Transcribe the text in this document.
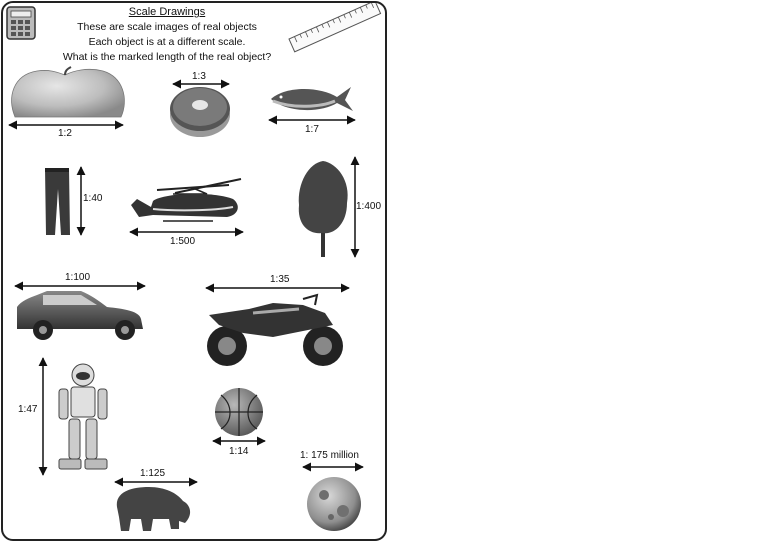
Scale Drawings
These are scale images of real objects
Each object is at a different scale.
What is the marked length of the real object?
1:2
1:3
1:7
1:40
1:500
1:400
1:100	1:35
1:47
1:14
1:125
1: 175 million
